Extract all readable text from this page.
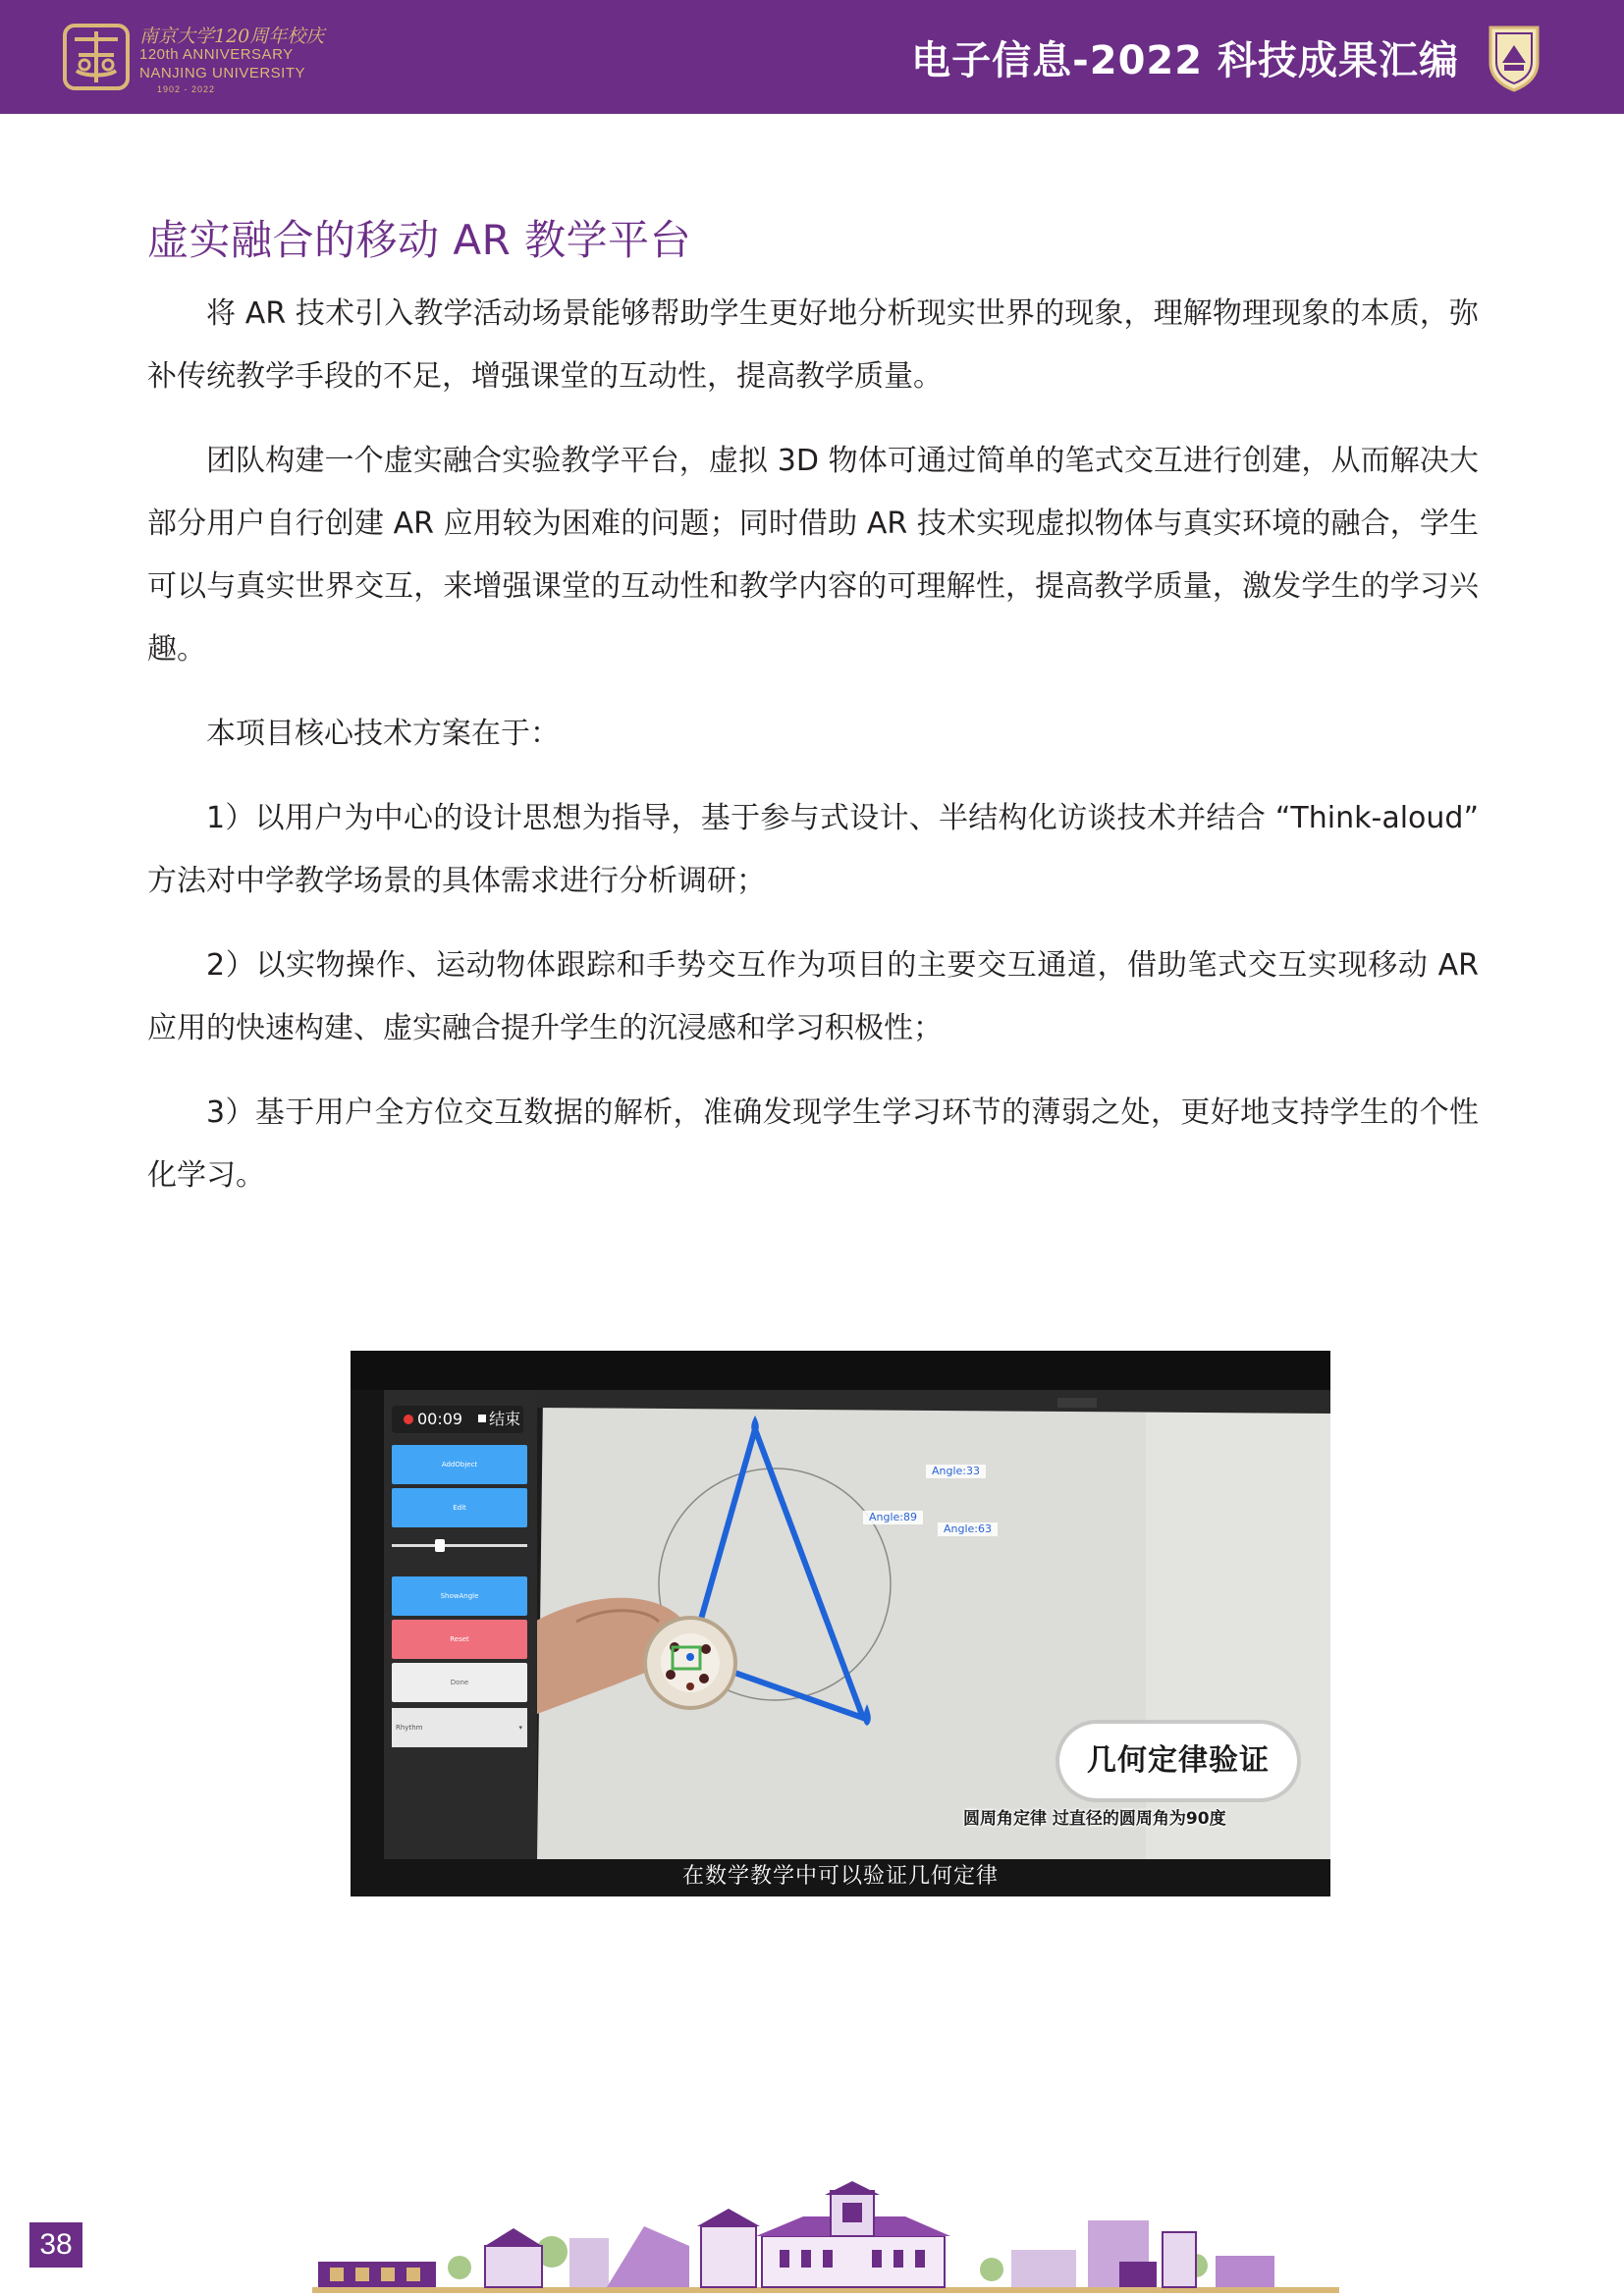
南京大学120周年校庆
120th ANNIVERSARY
NANJING UNIVERSITY
1902 - 2022
电子信息-2022 科技成果汇编
虚实融合的移动 AR 教学平台

将 AR 技术引入教学活动场景能够帮助学生更好地分析现实世界的现象，理解物理现象的本质，弥补传统教学手段的不足，增强课堂的互动性，提高教学质量。

团队构建一个虚实融合实验教学平台，虚拟 3D 物体可通过简单的笔式交互进行创建，从而解决大部分用户自行创建 AR 应用较为困难的问题；同时借助 AR 技术实现虚拟物体与真实环境的融合，学生可以与真实世界交互，来增强课堂的互动性和教学内容的可理解性，提高教学质量，激发学生的学习兴趣。

本项目核心技术方案在于：

1）以用户为中心的设计思想为指导，基于参与式设计、半结构化访谈技术并结合 “Think-aloud” 方法对中学教学场景的具体需求进行分析调研；

2）以实物操作、运动物体跟踪和手势交互作为项目的主要交互通道，借助笔式交互实现移动 AR 应用的快速构建、虚实融合提升学生的沉浸感和学习积极性；

3）基于用户全方位交互数据的解析，准确发现学生学习环节的薄弱之处，更好地支持学生的个性化学习。

00:09 结束
AddObject
Edit
ShowAngle
Reset
Done
Rhythm	▾
Angle:33
Angle:89
Angle:63
几何定律验证
圆周角定律 过直径的圆周角为90度
在数学教学中可以验证几何定律
38
